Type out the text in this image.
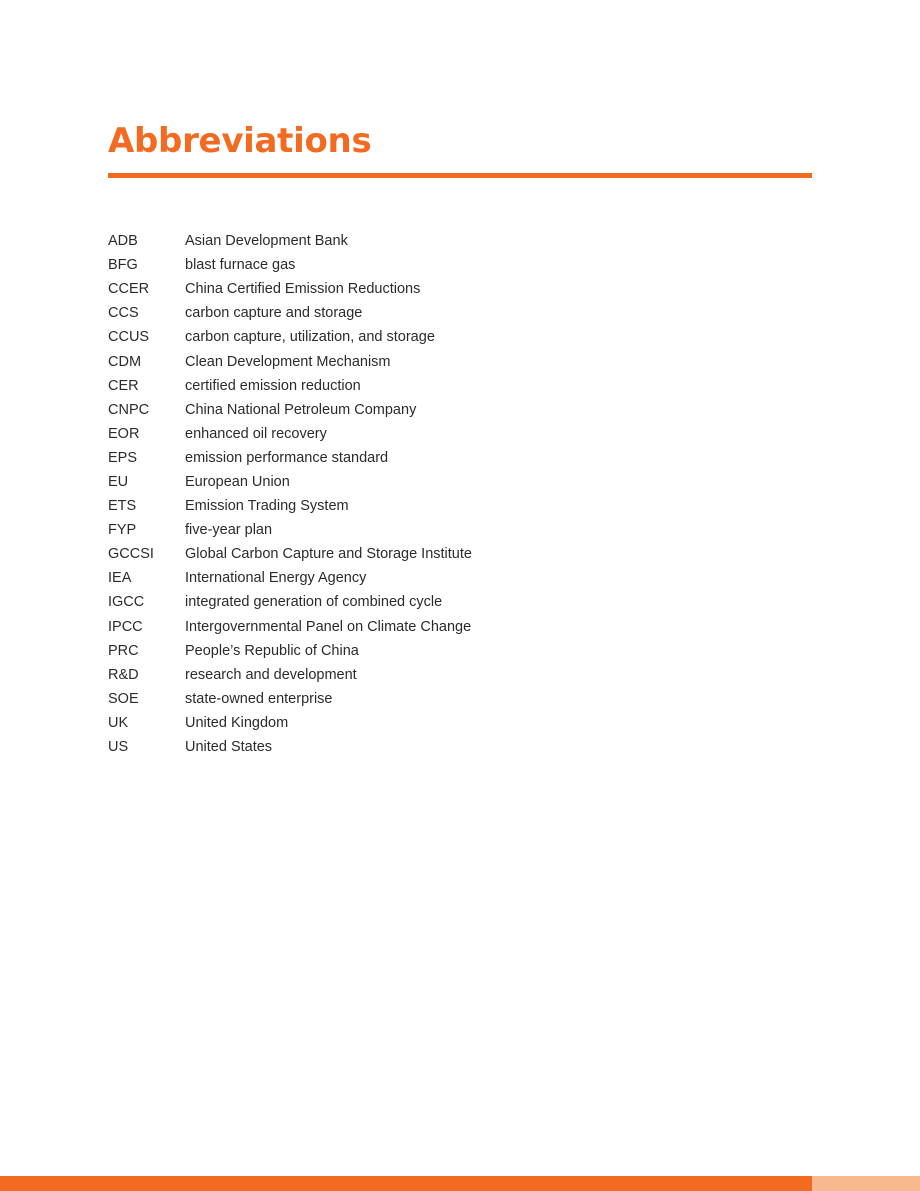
Abbreviations
ADB	Asian Development Bank
BFG	blast furnace gas
CCER	China Certified Emission Reductions
CCS	carbon capture and storage
CCUS	carbon capture, utilization, and storage
CDM	Clean Development Mechanism
CER	certified emission reduction
CNPC	China National Petroleum Company
EOR	enhanced oil recovery
EPS	emission performance standard
EU	European Union
ETS	Emission Trading System
FYP	five-year plan
GCCSI	Global Carbon Capture and Storage Institute
IEA	International Energy Agency
IGCC	integrated generation of combined cycle
IPCC	Intergovernmental Panel on Climate Change
PRC	People’s Republic of China
R&D	research and development
SOE	state-owned enterprise
UK	United Kingdom
US	United States
